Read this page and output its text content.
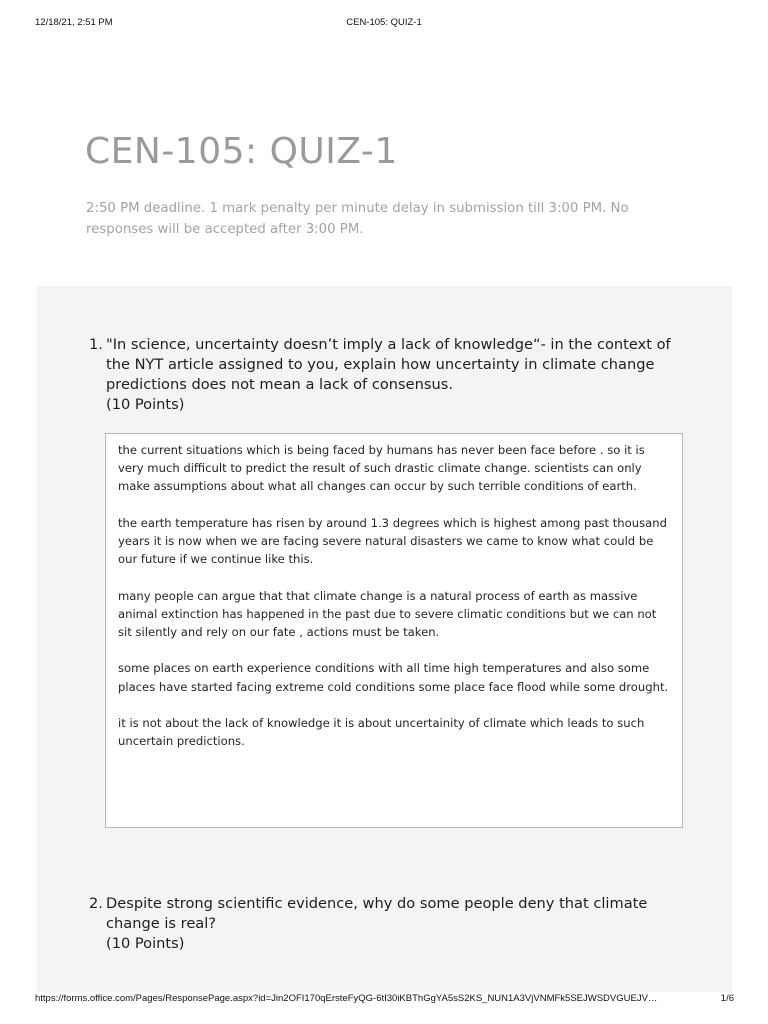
12/18/21, 2:51 PM	CEN-105: QUIZ-1
CEN-105: QUIZ-1

2:50 PM deadline. 1 mark penalty per minute delay in submission till 3:00 PM. No responses will be accepted after 3:00 PM.

1. "In science, uncertainty doesn’t imply a lack of knowledge“- in the context of the NYT article assigned to you, explain how uncertainty in climate change predictions does not mean a lack of consensus.
(10 Points)

the current situations which is being faced by humans has never been face before . so it is very much difficult to predict the result of such drastic climate change. scientists can only make assumptions about what all changes can occur by such terrible conditions of earth.

the earth temperature has risen by around 1.3 degrees which is highest among past thousand years it is now when we are facing severe natural disasters we came to know what could be our future if we continue like this.

many people can argue that that climate change is a natural process of earth as massive animal extinction has happened in the past due to severe climatic conditions but we can not sit silently and rely on our fate , actions must be taken.

some places on earth experience conditions with all time high temperatures and also some places have started facing extreme cold conditions some place face flood while some drought.

it is not about the lack of knowledge it is about uncertainity of climate which leads to such uncertain predictions.

2. Despite strong scientific evidence, why do some people deny that climate change is real?
(10 Points)
https://forms.office.com/Pages/ResponsePage.aspx?id=Jin2OFI170qErsteFyQG-6tI30iKBThGgYA5sS2KS_NUN1A3VjVNMFk5SEJWSDVGUEJV…	1/6
